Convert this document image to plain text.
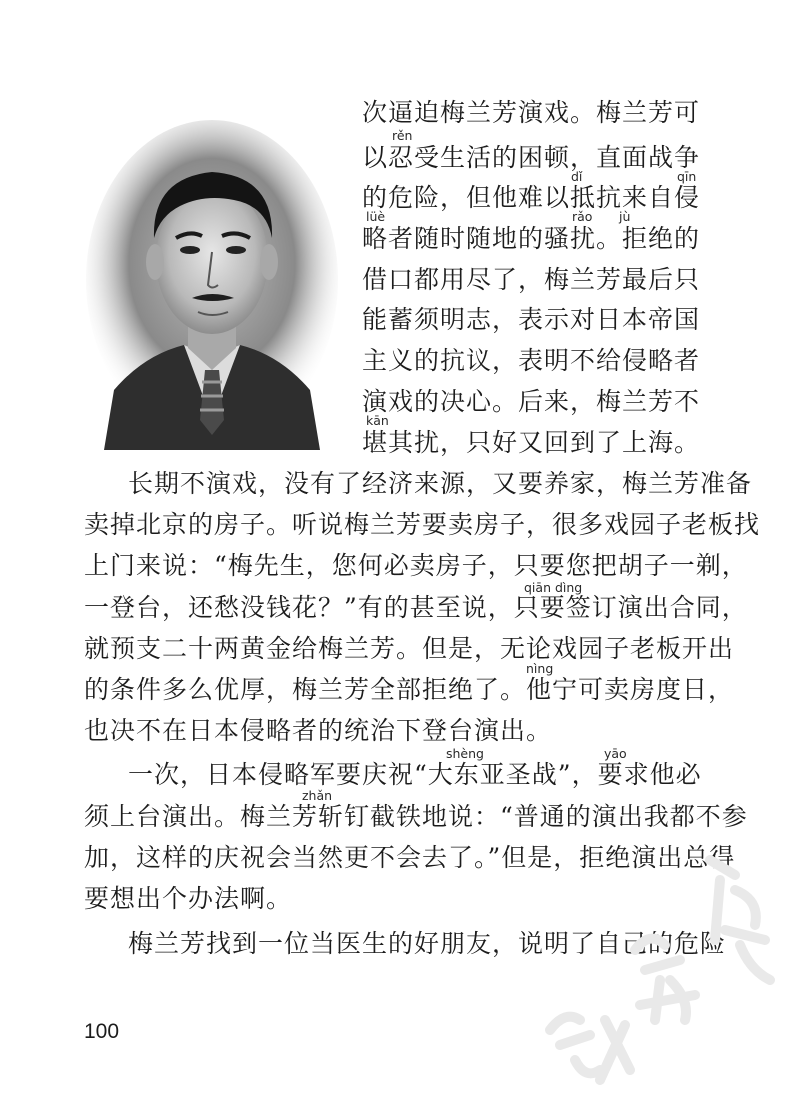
次逼迫梅兰芳演戏。梅兰芳可
rěn
以忍受生活的困顿，直面战争
dǐ	qīn
的危险，但他难以抵抗来自侵
lüè	rǎo jù
略者随时随地的骚扰。拒绝的
借口都用尽了，梅兰芳最后只
能蓄须明志，表示对日本帝国
主义的抗议，表明不给侵略者
演戏的决心。后来，梅兰芳不
kān
堪其扰，只好又回到了上海。
长期不演戏，没有了经济来源，又要养家，梅兰芳准备
卖掉北京的房子。听说梅兰芳要卖房子，很多戏园子老板找
上门来说：“梅先生，您何必卖房子，只要您把胡子一剃，
qiān dìng
一登台，还愁没钱花？”有的甚至说，只要签订演出合同，
就预支二十两黄金给梅兰芳。但是，无论戏园子老板开出
nìng
的条件多么优厚，梅兰芳全部拒绝了。他宁可卖房度日，
也决不在日本侵略者的统治下登台演出。
shèng	yāo
一次，日本侵略军要庆祝“大东亚圣战”，要求他必
zhǎn
须上台演出。梅兰芳斩钉截铁地说：“普通的演出我都不参
加，这样的庆祝会当然更不会去了。”但是，拒绝演出总得
要想出个办法啊。
梅兰芳找到一位当医生的好朋友，说明了自己的危险
100
